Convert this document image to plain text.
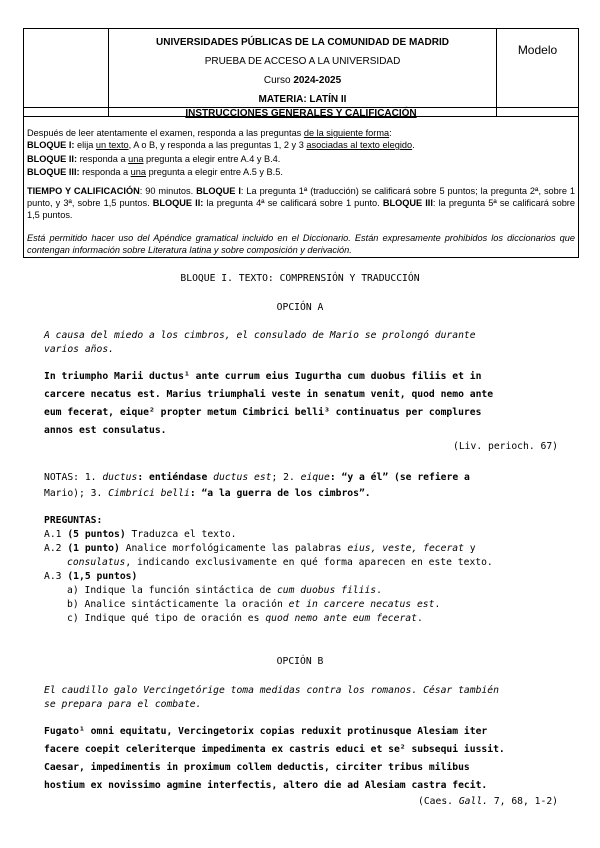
UNIVERSIDADES PÚBLICAS DE LA COMUNIDAD DE MADRID
PRUEBA DE ACCESO A LA UNIVERSIDAD
Curso 2024-2025
MATERIA: LATÍN II
Modelo
INSTRUCCIONES GENERALES Y CALIFICACIÓN
Después de leer atentamente el examen, responda a las preguntas de la siguiente forma:
BLOQUE I: elija un texto, A o B, y responda a las preguntas 1, 2 y 3 asociadas al texto elegido.
BLOQUE II: responda a una pregunta a elegir entre A.4 y B.4.
BLOQUE III: responda a una pregunta a elegir entre A.5 y B.5.
TIEMPO Y CALIFICACIÓN: 90 minutos. BLOQUE I: La pregunta 1ª (traducción) se calificará sobre 5 puntos; la pregunta 2ª, sobre 1 punto, y 3ª, sobre 1,5 puntos. BLOQUE II: la pregunta 4ª se calificará sobre 1 punto. BLOQUE III: la pregunta 5ª se calificará sobre 1,5 puntos.
Está permitido hacer uso del Apéndice gramatical incluido en el Diccionario. Están expresamente prohibidos los diccionarios que contengan información sobre Literatura latina y sobre composición y derivación.
BLOQUE I. TEXTO: COMPRENSIÓN Y TRADUCCIÓN
OPCIÓN A
A causa del miedo a los cimbros, el consulado de Mario se prolongó durante
varios años.
In triumpho Marii ductus¹ ante currum eius Iugurtha cum duobus filiis et in
carcere necatus est. Marius triumphali veste in senatum venit, quod nemo ante
eum fecerat, eique² propter metum Cimbrici belli³ continuatus per complures
annos est consulatus.
(Liv. perioch. 67)
NOTAS: 1. ductus: entiéndase ductus est; 2. eique: “y a él” (se refiere a
Mario); 3. Cimbrici belli: “a la guerra de los cimbros”.
PREGUNTAS:
A.1 (5 puntos) Traduzca el texto.
A.2 (1 punto) Analice morfológicamente las palabras eius, veste, fecerat y
consulatus, indicando exclusivamente en qué forma aparecen en este texto.
A.3 (1,5 puntos)
a) Indique la función sintáctica de cum duobus filiis.
b) Analice sintácticamente la oración et in carcere necatus est.
c) Indique qué tipo de oración es quod nemo ante eum fecerat.
OPCIÓN B
El caudillo galo Vercingetórige toma medidas contra los romanos. César también
se prepara para el combate.
Fugato¹ omni equitatu, Vercingetorix copias reduxit protinusque Alesiam iter
facere coepit celeriterque impedimenta ex castris educi et se² subsequi iussit.
Caesar, impedimentis in proximum collem deductis, circiter tribus milibus
hostium ex novissimo agmine interfectis, altero die ad Alesiam castra fecit.
(Caes. Gall. 7, 68, 1-2)
